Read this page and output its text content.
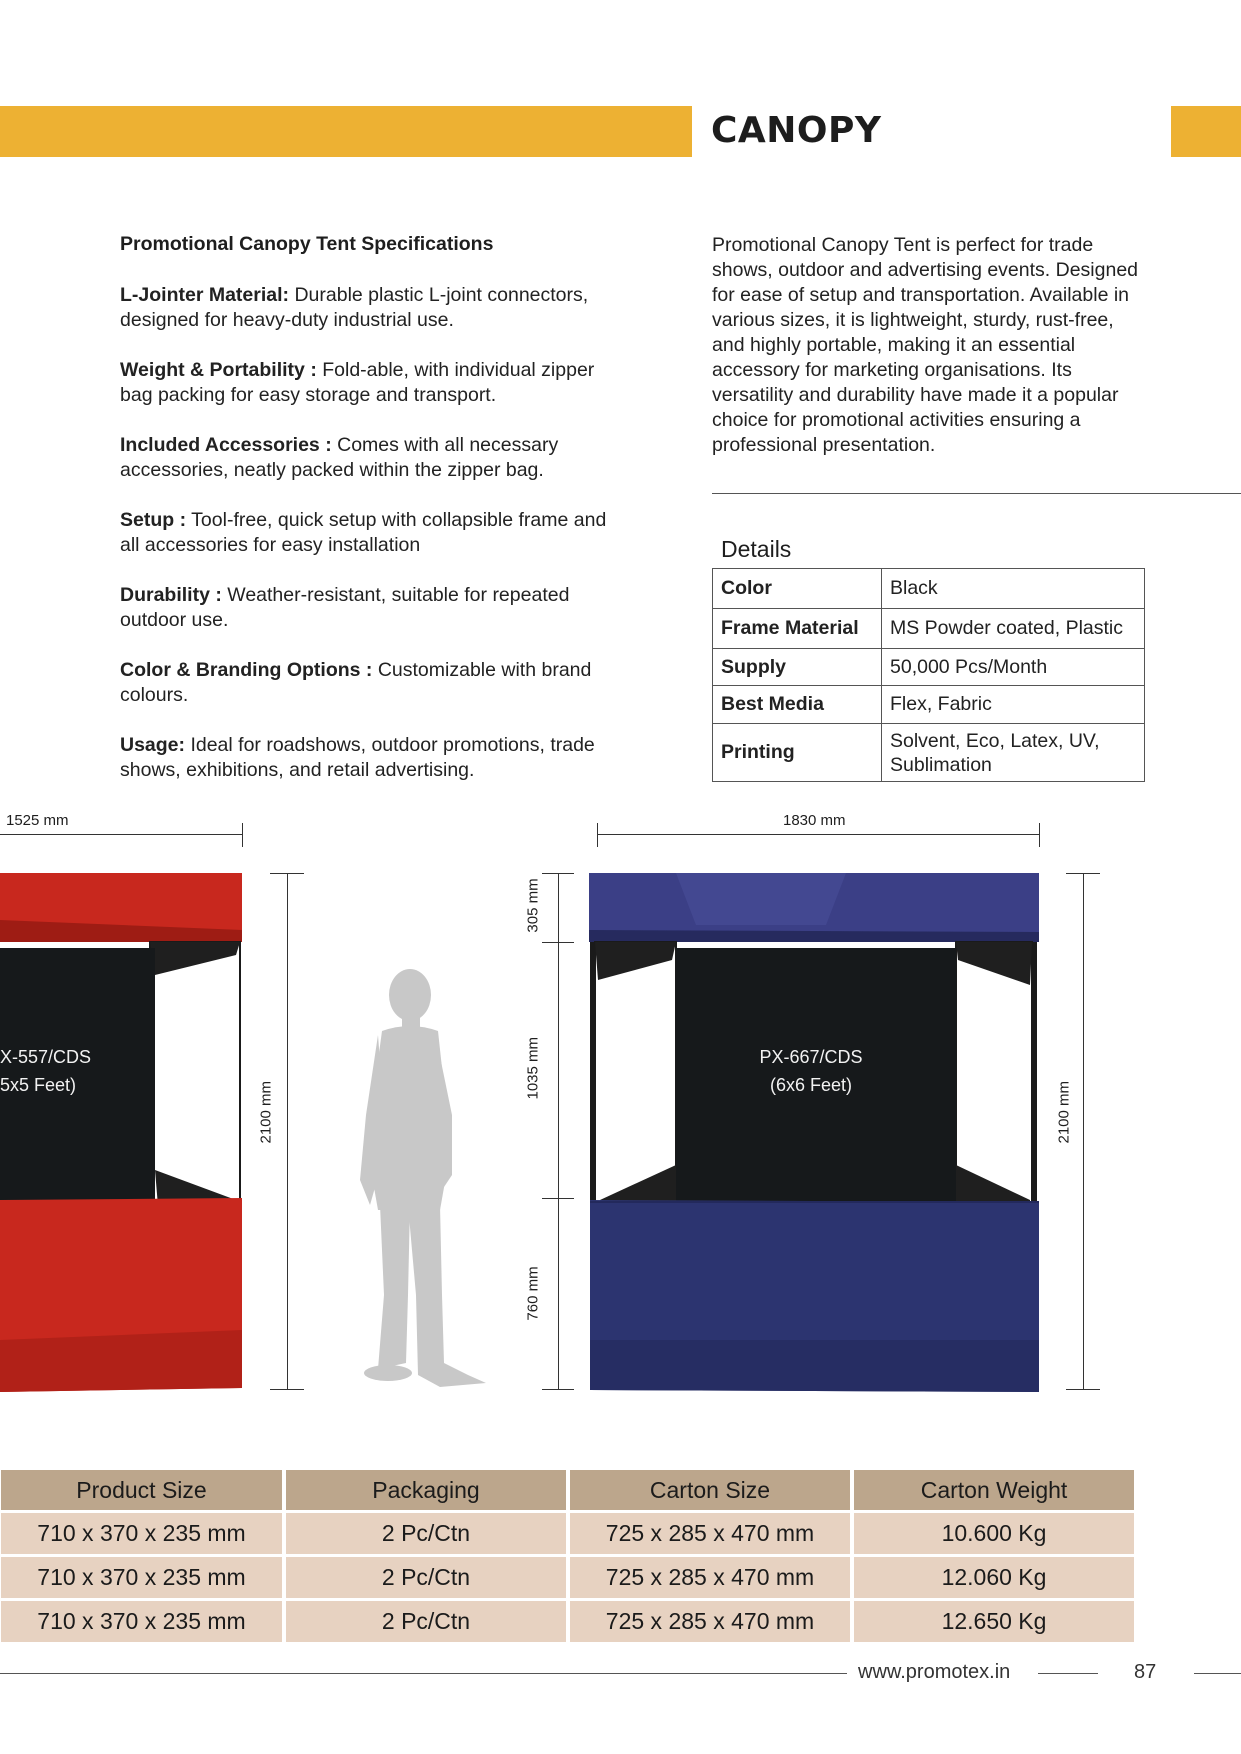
CANOPY
Promotional Canopy Tent Specifications
L-Jointer Material: Durable plastic L-joint connectors, designed for heavy-duty industrial use.
Weight & Portability : Fold-able, with individual zipper bag packing for easy storage and transport.
Included Accessories : Comes with all necessary accessories, neatly packed within the zipper bag.
Setup : Tool-free, quick setup with collapsible frame and all accessories for easy installation
Durability : Weather-resistant, suitable for repeated outdoor use.
Color & Branding Options : Customizable with brand colours.
Usage: Ideal for roadshows, outdoor promotions, trade shows, exhibitions, and retail advertising.
Promotional Canopy Tent is perfect for trade shows, outdoor and advertising events. Designed for ease of setup and transportation. Available in various sizes, it is lightweight, sturdy, rust-free, and highly portable, making it an essential accessory for marketing organisations. Its versatility and durability have made it a popular choice for promotional activities ensuring a professional presentation.
Details
Color	Black
Frame Material	MS Powder coated, Plastic
Supply	50,000 Pcs/Month
Best Media	Flex, Fabric
Printing	Solvent, Eco, Latex, UV, Sublimation
1525 mm	1830 mm
2100 mm	2100 mm
305 mm
1035 mm
760 mm
X-557/CDS
5x5 Feet)
PX-667/CDS
(6x6 Feet)
Product Size	Packaging	Carton Size	Carton Weight
710 x 370 x 235 mm	2 Pc/Ctn	725 x 285 x 470 mm	10.600 Kg
710 x 370 x 235 mm	2 Pc/Ctn	725 x 285 x 470 mm	12.060 Kg
710 x 370 x 235 mm	2 Pc/Ctn	725 x 285 x 470 mm	12.650 Kg
www.promotex.in	87
